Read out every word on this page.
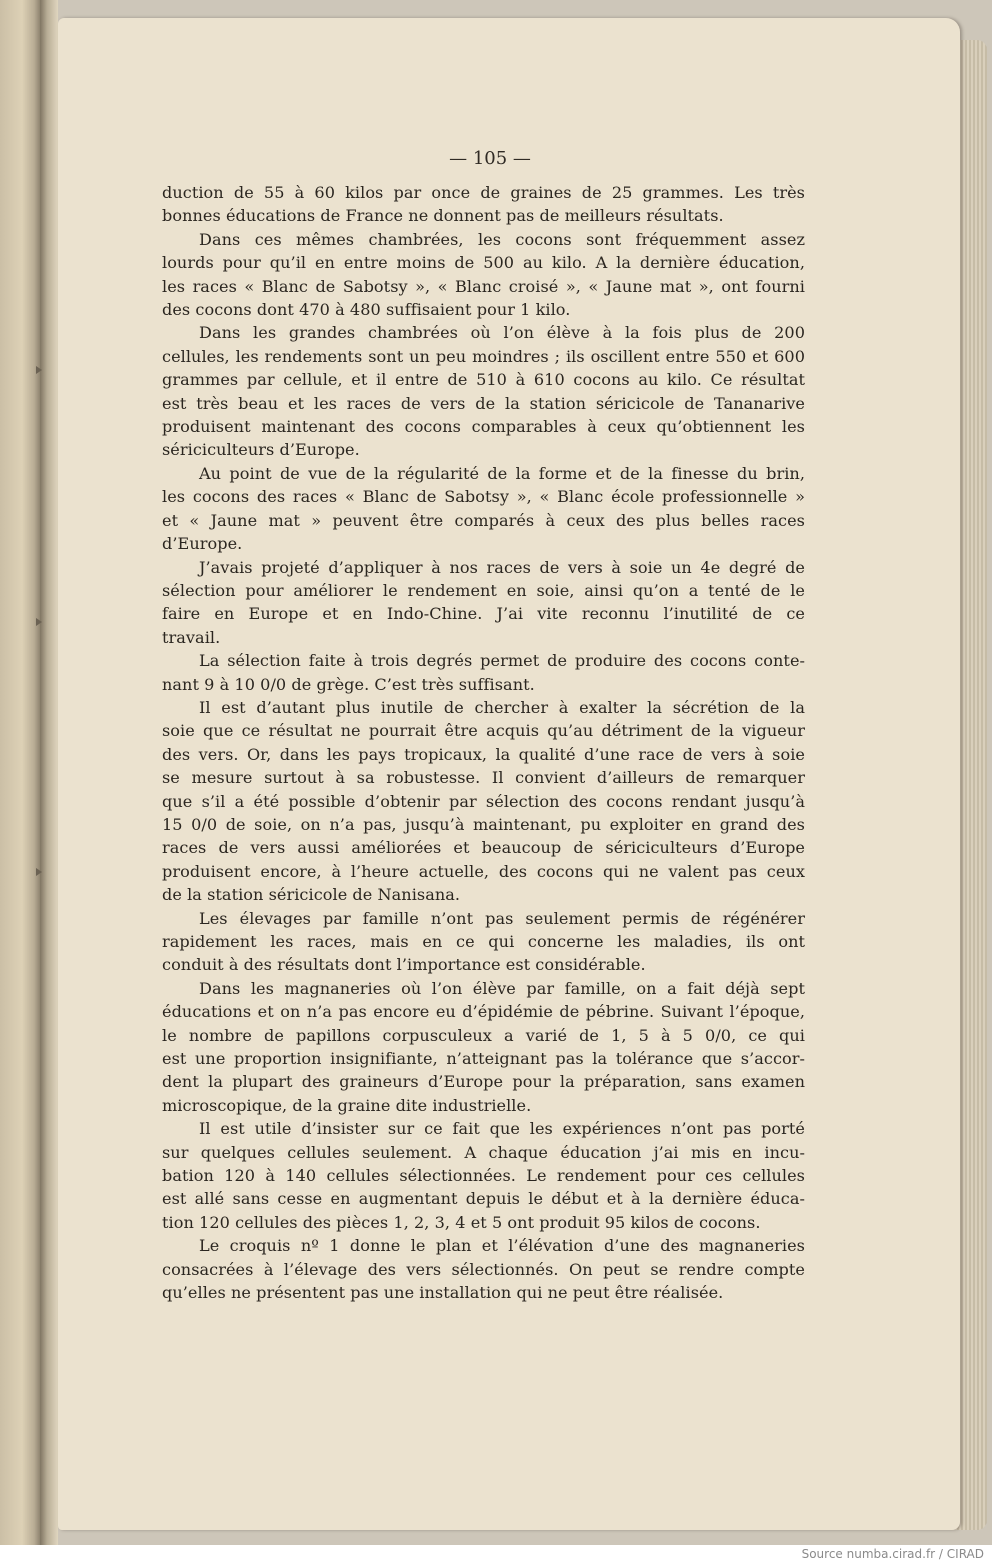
— 105 —

duction de 55 à 60 kilos par once de graines de 25 grammes. Les très

bonnes éducations de France ne donnent pas de meilleurs résultats.

Dans ces mêmes chambrées, les cocons sont fréquemment assez

lourds pour qu’il en entre moins de 500 au kilo. A la dernière éducation,

les races « Blanc de Sabotsy », « Blanc croisé », « Jaune mat », ont fourni

des cocons dont 470 à 480 suffisaient pour 1 kilo.

Dans les grandes chambrées où l’on élève à la fois plus de 200

cellules, les rendements sont un peu moindres ; ils oscillent entre 550 et 600

grammes par cellule, et il entre de 510 à 610 cocons au kilo. Ce résultat

est très beau et les races de vers de la station séricicole de Tananarive

produisent maintenant des cocons comparables à ceux qu’obtiennent les

sériciculteurs d’Europe.

Au point de vue de la régularité de la forme et de la finesse du brin,

les cocons des races « Blanc de Sabotsy », « Blanc école professionnelle »

et « Jaune mat » peuvent être comparés à ceux des plus belles races

d’Europe.

J’avais projeté d’appliquer à nos races de vers à soie un 4e degré de

sélection pour améliorer le rendement en soie, ainsi qu’on a tenté de le

faire en Europe et en Indo-Chine. J’ai vite reconnu l’inutilité de ce

travail.

La sélection faite à trois degrés permet de produire des cocons conte-

nant 9 à 10 0/0 de grège. C’est très suffisant.

Il est d’autant plus inutile de chercher à exalter la sécrétion de la

soie que ce résultat ne pourrait être acquis qu’au détriment de la vigueur

des vers. Or, dans les pays tropicaux, la qualité d’une race de vers à soie

se mesure surtout à sa robustesse. Il convient d’ailleurs de remarquer

que s’il a été possible d’obtenir par sélection des cocons rendant jusqu’à

15 0/0 de soie, on n’a pas, jusqu’à maintenant, pu exploiter en grand des

races de vers aussi améliorées et beaucoup de sériciculteurs d’Europe

produisent encore, à l’heure actuelle, des cocons qui ne valent pas ceux

de la station séricicole de Nanisana.

Les élevages par famille n’ont pas seulement permis de régénérer

rapidement les races, mais en ce qui concerne les maladies, ils ont

conduit à des résultats dont l’importance est considérable.

Dans les magnaneries où l’on élève par famille, on a fait déjà sept

éducations et on n’a pas encore eu d’épidémie de pébrine. Suivant l’époque,

le nombre de papillons corpusculeux a varié de 1, 5 à 5 0/0, ce qui

est une proportion insignifiante, n’atteignant pas la tolérance que s’accor-

dent la plupart des graineurs d’Europe pour la préparation, sans examen

microscopique, de la graine dite industrielle.

Il est utile d’insister sur ce fait que les expériences n’ont pas porté

sur quelques cellules seulement. A chaque éducation j’ai mis en incu-

bation 120 à 140 cellules sélectionnées. Le rendement pour ces cellules

est allé sans cesse en augmentant depuis le début et à la dernière éduca-

tion 120 cellules des pièces 1, 2, 3, 4 et 5 ont produit 95 kilos de cocons.

Le croquis nº 1 donne le plan et l’élévation d’une des magnaneries

consacrées à l’élevage des vers sélectionnés. On peut se rendre compte

qu’elles ne présentent pas une installation qui ne peut être réalisée.

Source numba.cirad.fr / CIRAD
